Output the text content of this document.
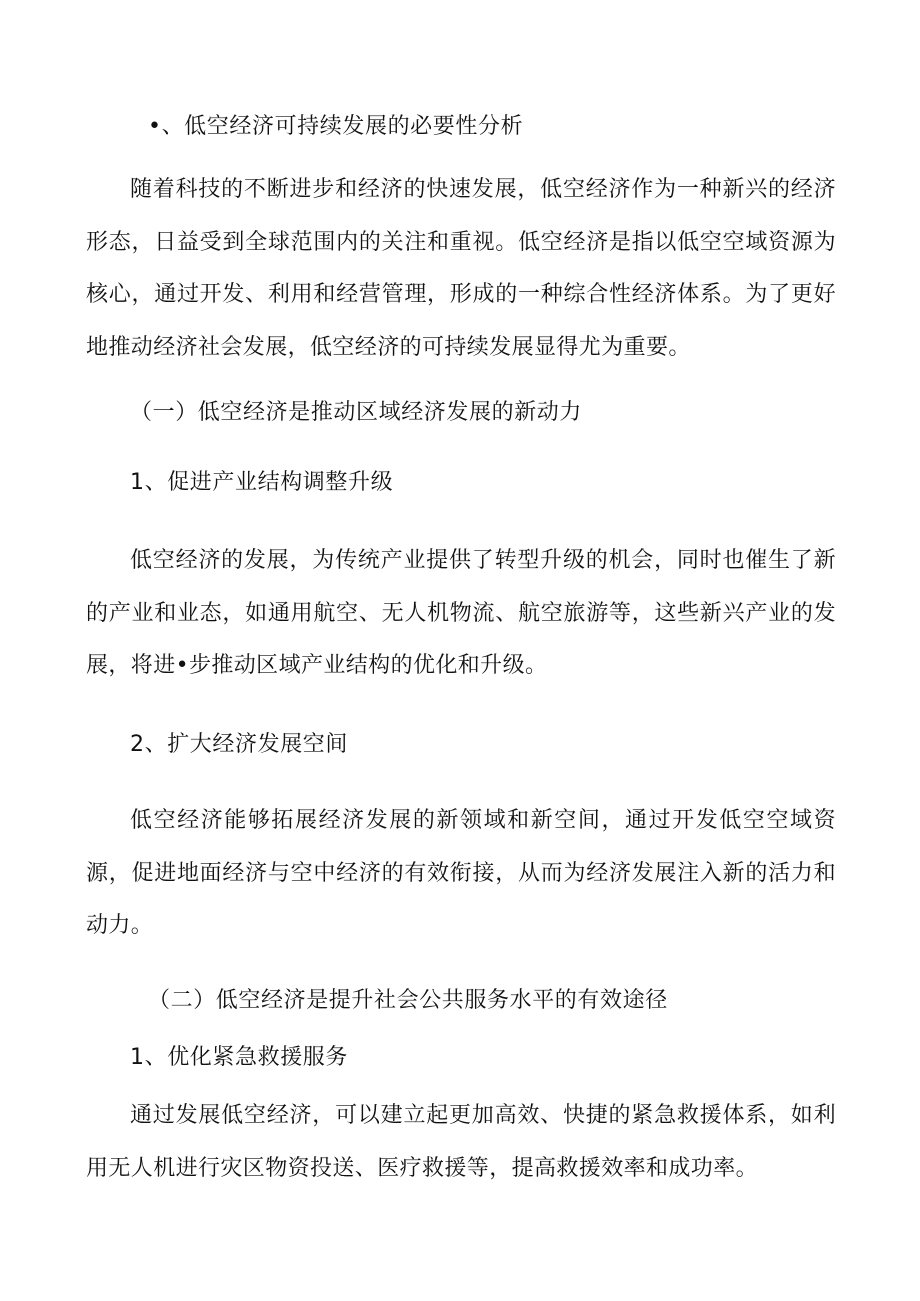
•、低空经济可持续发展的必要性分析
随着科技的不断进步和经济的快速发展，低空经济作为一种新兴的经济形态，日益受到全球范围内的关注和重视。低空经济是指以低空空域资源为核心，通过开发、利用和经营管理，形成的一种综合性经济体系。为了更好地推动经济社会发展，低空经济的可持续发展显得尤为重要。
（一）低空经济是推动区域经济发展的新动力
1、促进产业结构调整升级
低空经济的发展，为传统产业提供了转型升级的机会，同时也催生了新的产业和业态，如通用航空、无人机物流、航空旅游等，这些新兴产业的发展，将进•步推动区域产业结构的优化和升级。
2、扩大经济发展空间
低空经济能够拓展经济发展的新领域和新空间，通过开发低空空域资源，促进地面经济与空中经济的有效衔接，从而为经济发展注入新的活力和动力。
（二）低空经济是提升社会公共服务水平的有效途径
1、优化紧急救援服务
通过发展低空经济，可以建立起更加高效、快捷的紧急救援体系，如利用无人机进行灾区物资投送、医疗救援等，提高救援效率和成功率。
